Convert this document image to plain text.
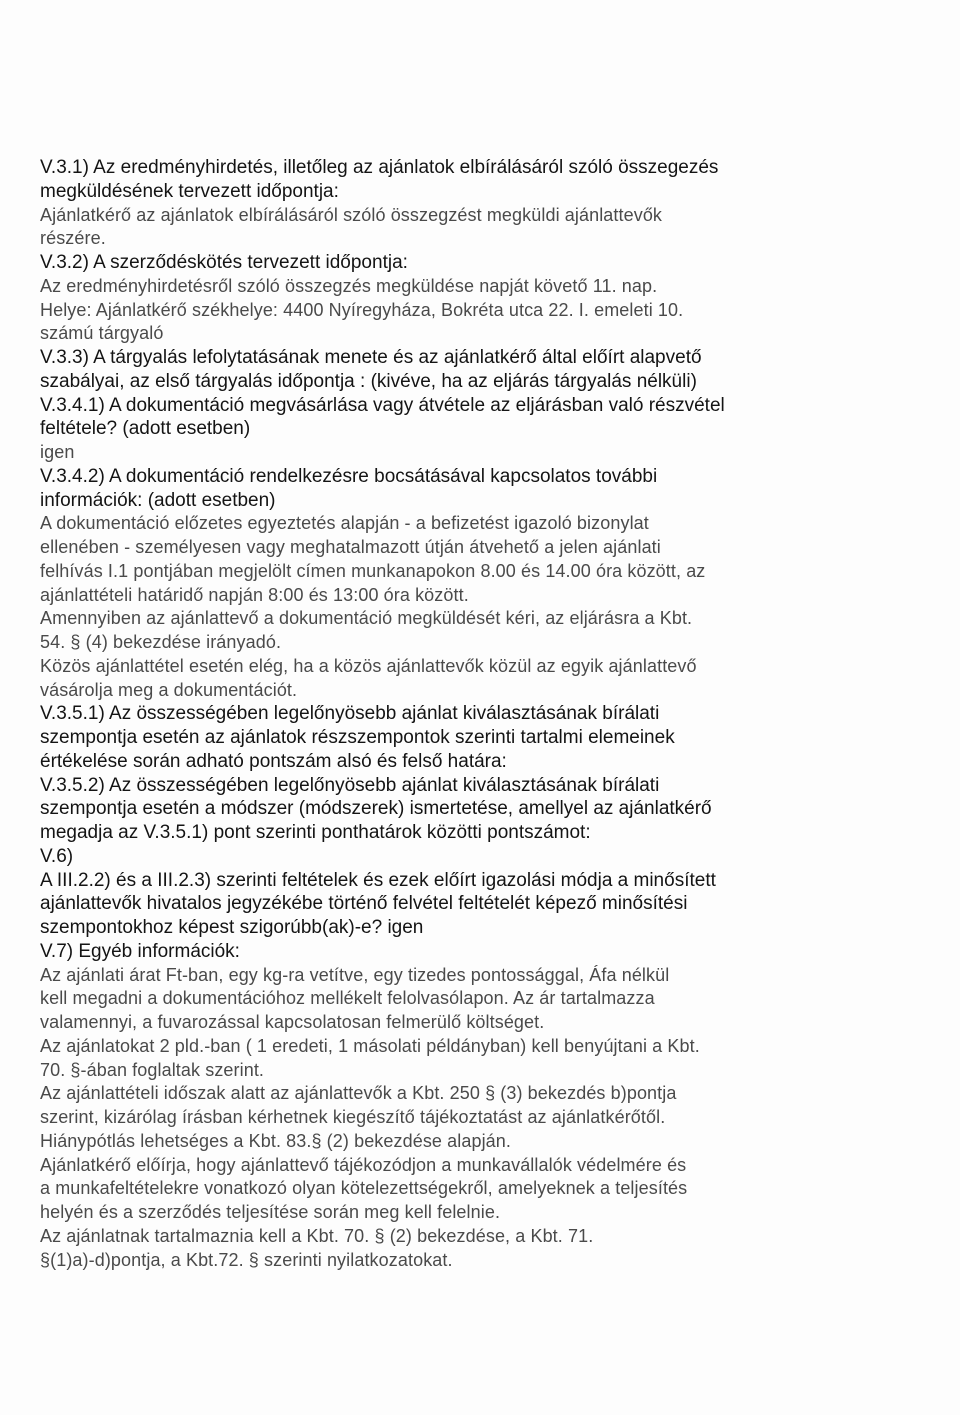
V.3.1) Az eredményhirdetés, illetőleg az ajánlatok elbírálásáról szóló összegezés
megküldésének tervezett időpontja:
Ajánlatkérő az ajánlatok elbírálásáról szóló összegzést megküldi ajánlattevők
részére.
V.3.2) A szerződéskötés tervezett időpontja:
Az eredményhirdetésről szóló összegzés megküldése napját követő 11. nap.
Helye: Ajánlatkérő székhelye: 4400 Nyíregyháza, Bokréta utca 22. I. emeleti 10.
számú tárgyaló
V.3.3) A tárgyalás lefolytatásának menete és az ajánlatkérő által előírt alapvető
szabályai, az első tárgyalás időpontja : (kivéve, ha az eljárás tárgyalás nélküli)
V.3.4.1) A dokumentáció megvásárlása vagy átvétele az eljárásban való részvétel
feltétele? (adott esetben)
igen
V.3.4.2) A dokumentáció rendelkezésre bocsátásával kapcsolatos további
információk: (adott esetben)
A dokumentáció előzetes egyeztetés alapján - a befizetést igazoló bizonylat
ellenében - személyesen vagy meghatalmazott útján átvehető a jelen ajánlati
felhívás I.1 pontjában megjelölt címen munkanapokon 8.00 és 14.00 óra között, az
ajánlattételi határidő napján 8:00 és 13:00 óra között.
Amennyiben az ajánlattevő a dokumentáció megküldését kéri, az eljárásra a Kbt.
54. § (4) bekezdése irányadó.
Közös ajánlattétel esetén elég, ha a közös ajánlattevők közül az egyik ajánlattevő
vásárolja meg a dokumentációt.
V.3.5.1) Az összességében legelőnyösebb ajánlat kiválasztásának bírálati
szempontja esetén az ajánlatok részszempontok szerinti tartalmi elemeinek
értékelése során adható pontszám alsó és felső határa:
V.3.5.2) Az összességében legelőnyösebb ajánlat kiválasztásának bírálati
szempontja esetén a módszer (módszerek) ismertetése, amellyel az ajánlatkérő
megadja az V.3.5.1) pont szerinti ponthatárok közötti pontszámot:
V.6)
A III.2.2) és a III.2.3) szerinti feltételek és ezek előírt igazolási módja a minősített
ajánlattevők hivatalos jegyzékébe történő felvétel feltételét képező minősítési
szempontokhoz képest szigorúbb(ak)-e? igen
V.7) Egyéb információk:
Az ajánlati árat Ft-ban, egy kg-ra vetítve, egy tizedes pontossággal, Áfa nélkül
kell megadni a dokumentációhoz mellékelt felolvasólapon. Az ár tartalmazza
valamennyi, a fuvarozással kapcsolatosan felmerülő költséget.
Az ajánlatokat 2 pld.-ban ( 1 eredeti, 1 másolati példányban) kell benyújtani a Kbt.
70. §-ában foglaltak szerint.
Az ajánlattételi időszak alatt az ajánlattevők a Kbt. 250 § (3) bekezdés b)pontja
szerint, kizárólag írásban kérhetnek kiegészítő tájékoztatást az ajánlatkérőtől.
Hiánypótlás lehetséges a Kbt. 83.§ (2) bekezdése alapján.
Ajánlatkérő előírja, hogy ajánlattevő tájékozódjon a munkavállalók védelmére és
a munkafeltételekre vonatkozó olyan kötelezettségekről, amelyeknek a teljesítés
helyén és a szerződés teljesítése során meg kell felelnie.
Az ajánlatnak tartalmaznia kell a Kbt. 70. § (2) bekezdése, a Kbt. 71.
§(1)a)-d)pontja, a Kbt.72. § szerinti nyilatkozatokat.
